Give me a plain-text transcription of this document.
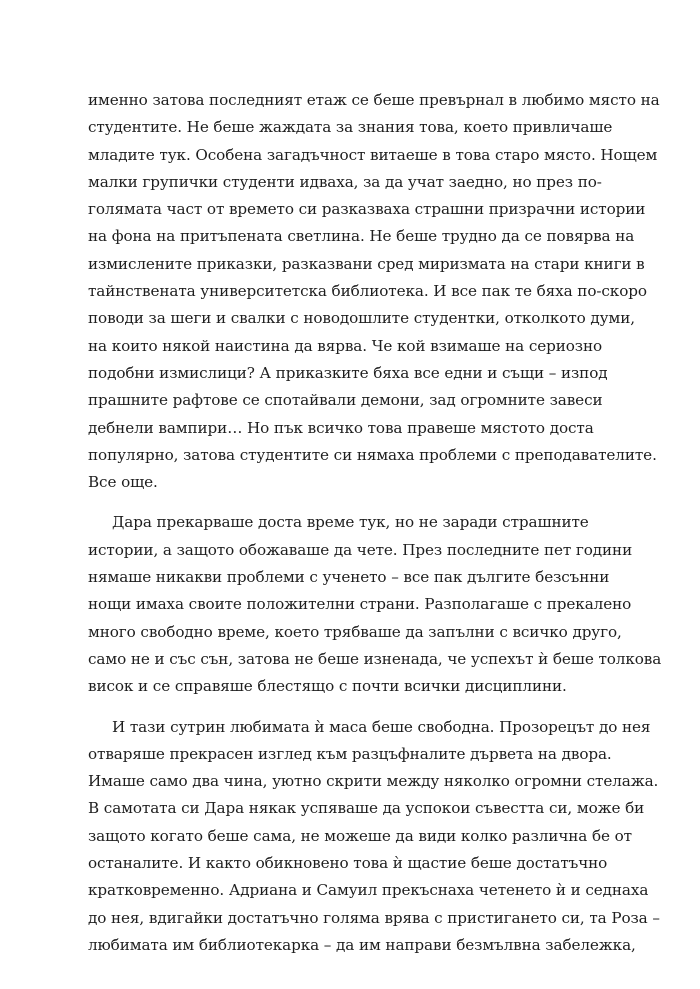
именно затова последният етаж се беше превърнал в любимо място на
студентите. Не беше жаждата за знания това, което привличаше
младите тук. Особена загадъчност витаеше в това старо място. Нощем
малки групички студенти идваха, за да учат заедно, но през по-
голямата част от времето си разказваха страшни призрачни истории
на фона на притъпената светлина. Не беше трудно да се повярва на
измислените приказки, разказвани сред миризмата на стари книги в
тайнствената университетска библиотека. И все пак те бяха по-скоро
поводи за шеги и свалки с новодошлите студентки, отколкото думи,
на които някой наистина да вярва. Че кой взимаше на сериозно
подобни измислици? А приказките бяха все едни и същи – изпод
прашните рафтове се спотайвали демони, зад огромните завеси
дебнели вампири… Но пък всичко това правеше мястото доста
популярно, затова студентите си нямаха проблеми с преподавателите.
Все още.
Дара прекарваше доста време тук, но не заради страшните
истории, а защото обожаваше да чете. През последните пет години
нямаше никакви проблеми с ученето – все пак дългите безсънни
нощи имаха своите положителни страни. Разполагаше с прекалено
много свободно време, което трябваше да запълни с всичко друго,
само не и със сън, затова не беше изненада, че успехът ѝ беше толкова
висок и се справяше блестящо с почти всички дисциплини.
И тази сутрин любимата ѝ маса беше свободна. Прозорецът до нея
отваряше прекрасен изглед към разцъфналите дървета на двора.
Имаше само два чина, уютно скрити между няколко огромни стелажа.
В самотата си Дара някак успяваше да успокои съвестта си, може би
защото когато беше сама, не можеше да види колко различна бе от
останалите. И както обикновено това ѝ щастие беше достатъчно
кратковременно. Адриана и Самуил прекъснаха четенето ѝ и седнаха
до нея, вдигайки достатъчно голяма врява с пристигането си, та Роза –
любимата им библиотекарка – да им направи безмълвна забележка,
